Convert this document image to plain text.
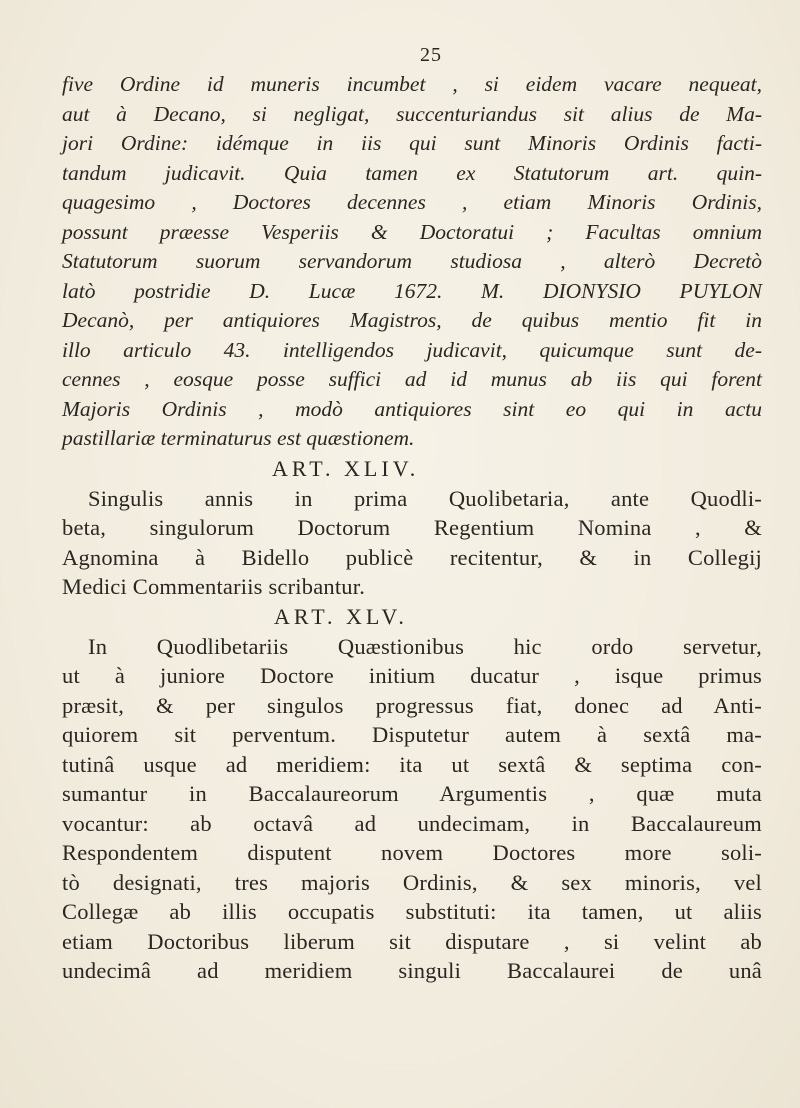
25
five Ordine id muneris incumbet , si eidem vacare nequeat,
aut à Decano, si negligat, succenturiandus sit alius de Ma-
jori Ordine: idémque in iis qui sunt Minoris Ordinis facti-
tandum judicavit. Quia tamen ex Statutorum art. quin-
quagesimo , Doctores decennes , etiam Minoris Ordinis,
possunt præesse Vesperiis & Doctoratui ; Facultas omnium
Statutorum suorum servandorum studiosa , alterò Decretò
latò postridie D. Lucæ 1672. M. DIONYSIO PUYLON
Decanò, per antiquiores Magistros, de quibus mentio fit in
illo articulo 43. intelligendos judicavit, quicumque sunt de-
cennes , eosque posse suffici ad id munus ab iis qui forent
Majoris Ordinis , modò antiquiores sint eo qui in actu
pastillariæ terminaturus est quæstionem.
ART. XLIV.
Singulis annis in prima Quolibetaria, ante Quodli-
beta, singulorum Doctorum Regentium Nomina , &
Agnomina à Bidello publicè recitentur, & in Collegij
Medici Commentariis scribantur.
ART. XLV.
In Quodlibetariis Quæstionibus hic ordo servetur,
ut à juniore Doctore initium ducatur , isque primus
præsit, & per singulos progressus fiat, donec ad Anti-
quiorem sit perventum. Disputetur autem à sextâ ma-
tutinâ usque ad meridiem: ita ut sextâ & septima con-
sumantur in Baccalaureorum Argumentis , quæ muta
vocantur: ab octavâ ad undecimam, in Baccalaureum
Respondentem disputent novem Doctores more soli-
tò designati, tres majoris Ordinis, & sex minoris, vel
Collegæ ab illis occupatis substituti: ita tamen, ut aliis
etiam Doctoribus liberum sit disputare , si velint ab
undecimâ ad meridiem singuli Baccalaurei de unâ
